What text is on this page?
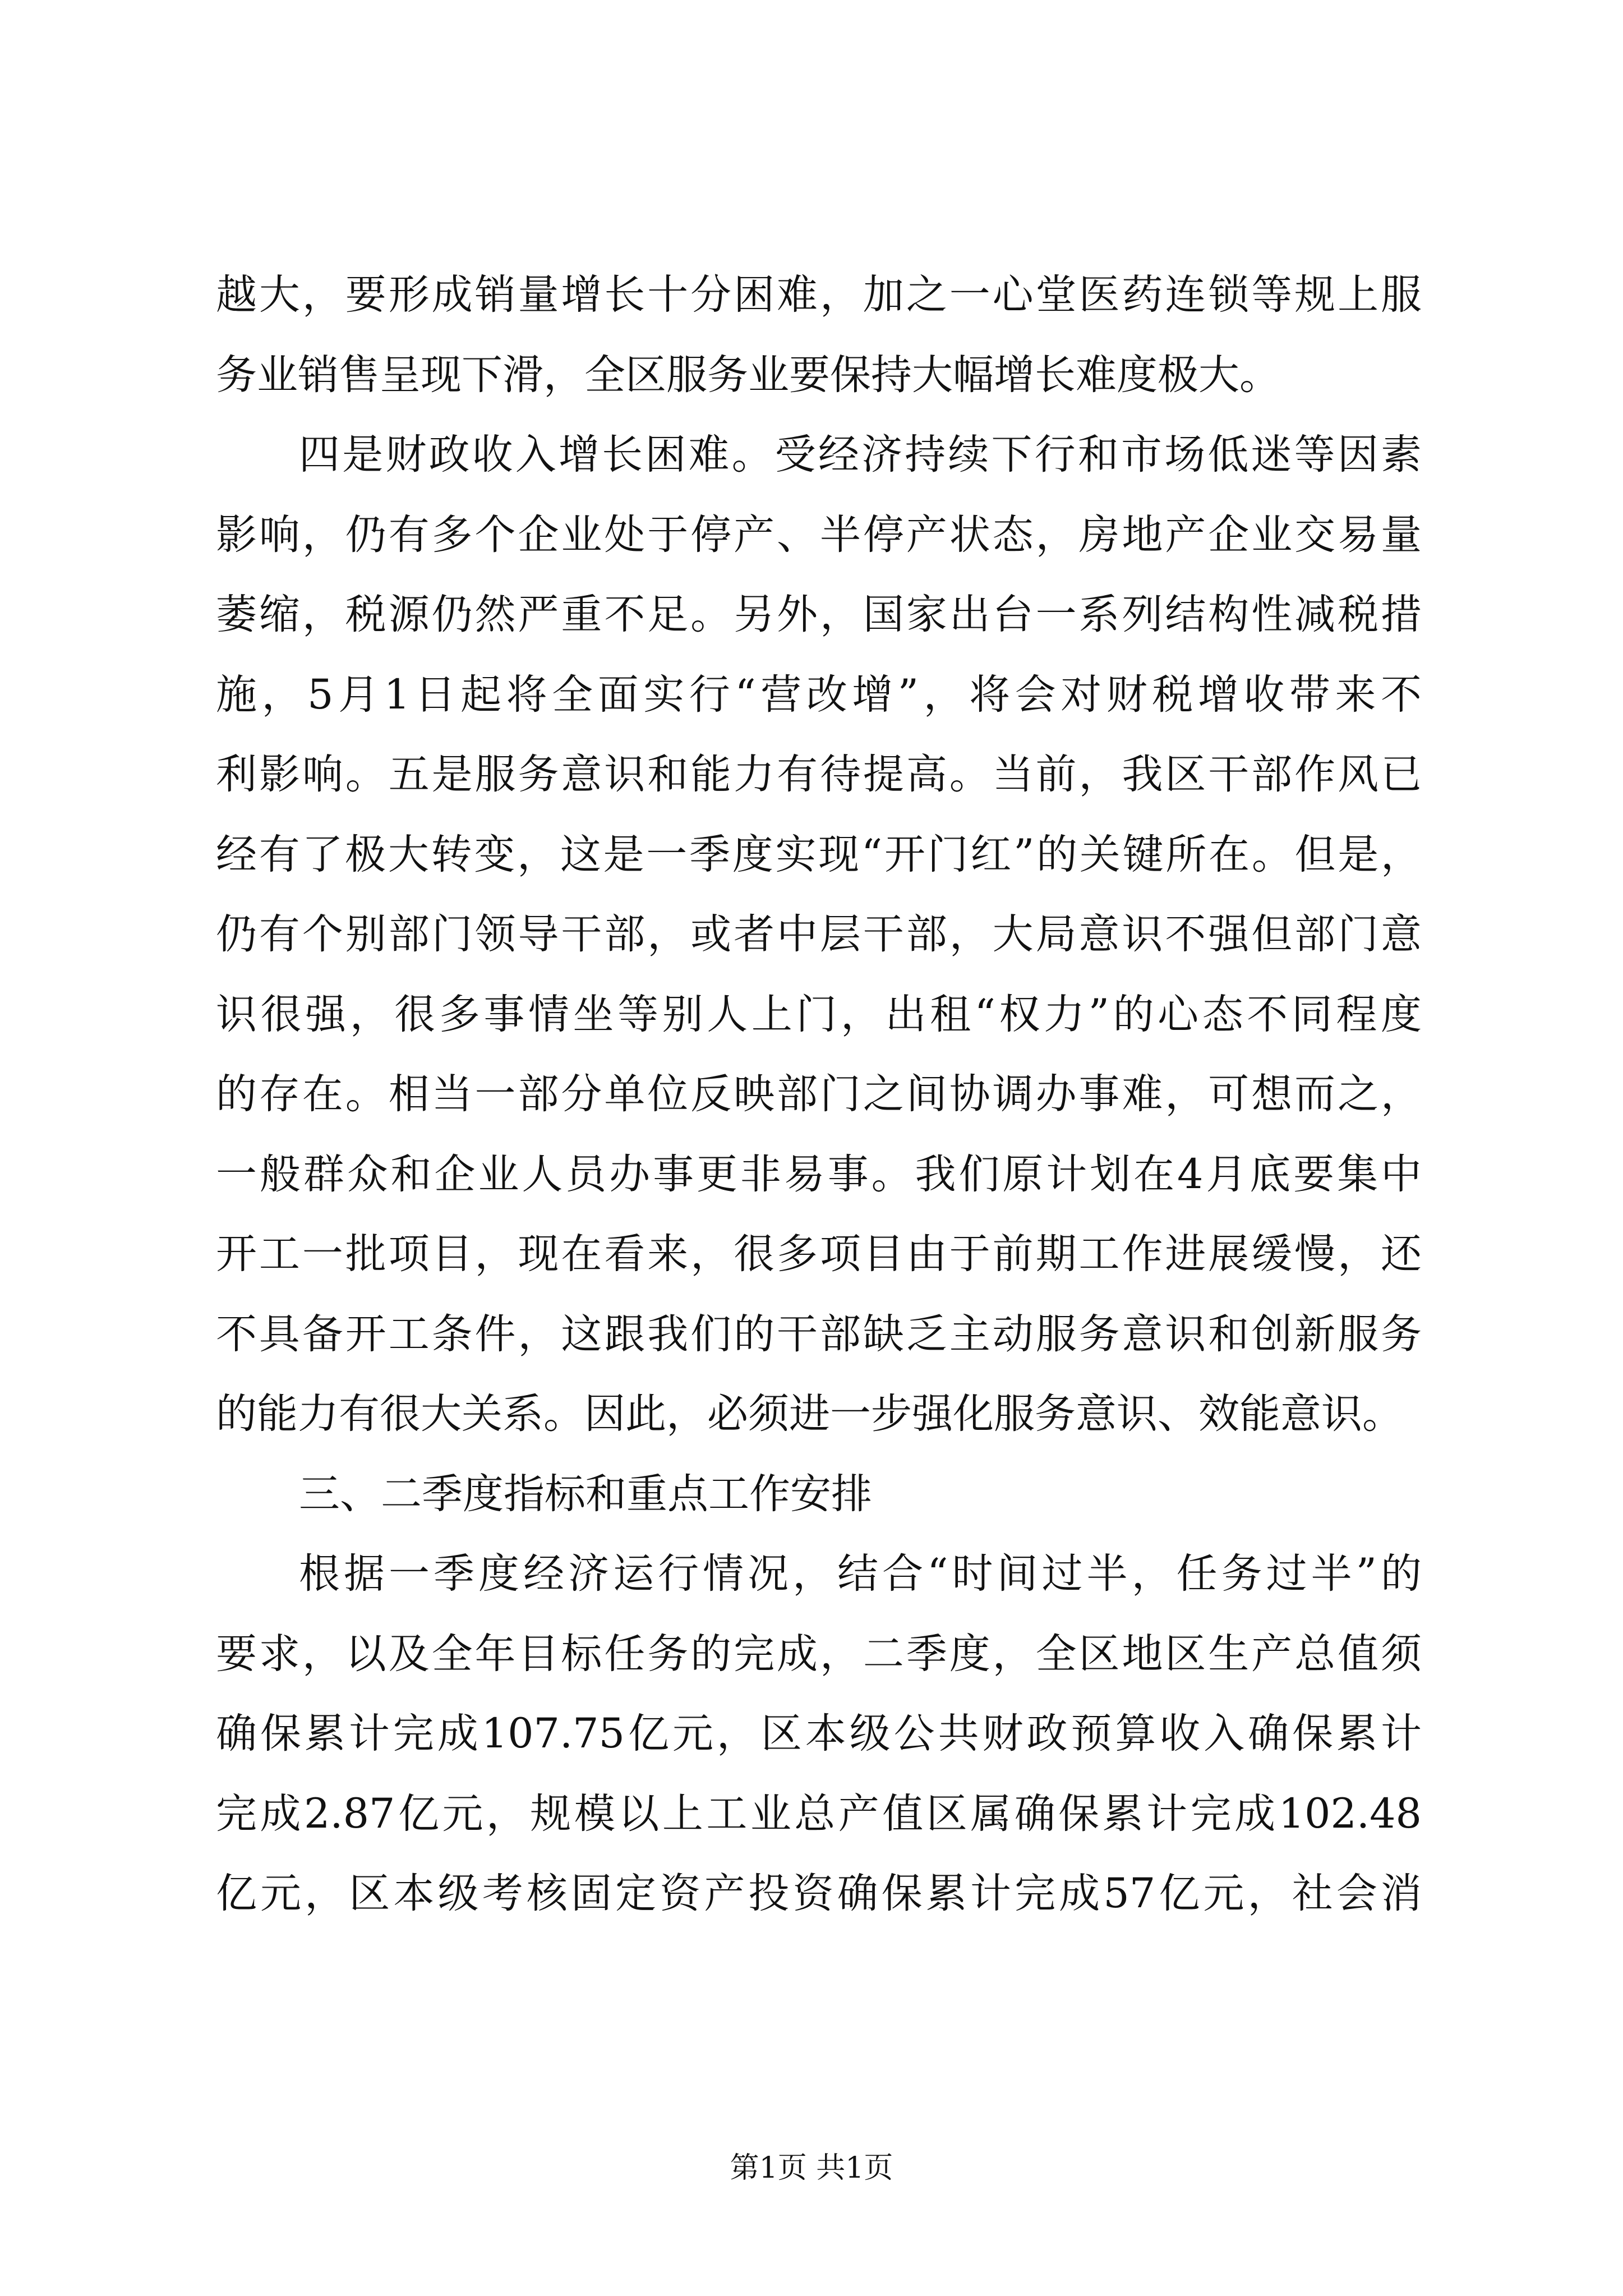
越大，要形成销量增长十分困难，加之一心堂医药连锁等规上服
务业销售呈现下滑，全区服务业要保持大幅增长难度极大。
四是财政收入增长困难。受经济持续下行和市场低迷等因素
影响，仍有多个企业处于停产、半停产状态，房地产企业交易量
萎缩，税源仍然严重不足。另外，国家出台一系列结构性减税措
施，5月1日起将全面实行“营改增”，将会对财税增收带来不
利影响。五是服务意识和能力有待提高。当前，我区干部作风已
经有了极大转变，这是一季度实现“开门红”的关键所在。但是，
仍有个别部门领导干部，或者中层干部，大局意识不强但部门意
识很强，很多事情坐等别人上门，出租“权力”的心态不同程度
的存在。相当一部分单位反映部门之间协调办事难，可想而之，
一般群众和企业人员办事更非易事。我们原计划在4月底要集中
开工一批项目，现在看来，很多项目由于前期工作进展缓慢，还
不具备开工条件，这跟我们的干部缺乏主动服务意识和创新服务
的能力有很大关系。因此，必须进一步强化服务意识、效能意识。
三、二季度指标和重点工作安排
根据一季度经济运行情况，结合“时间过半，任务过半”的
要求，以及全年目标任务的完成，二季度，全区地区生产总值须
确保累计完成107.75亿元，区本级公共财政预算收入确保累计
完成2.87亿元，规模以上工业总产值区属确保累计完成102.48
亿元，区本级考核固定资产投资确保累计完成57亿元，社会消
第1页 共1页
